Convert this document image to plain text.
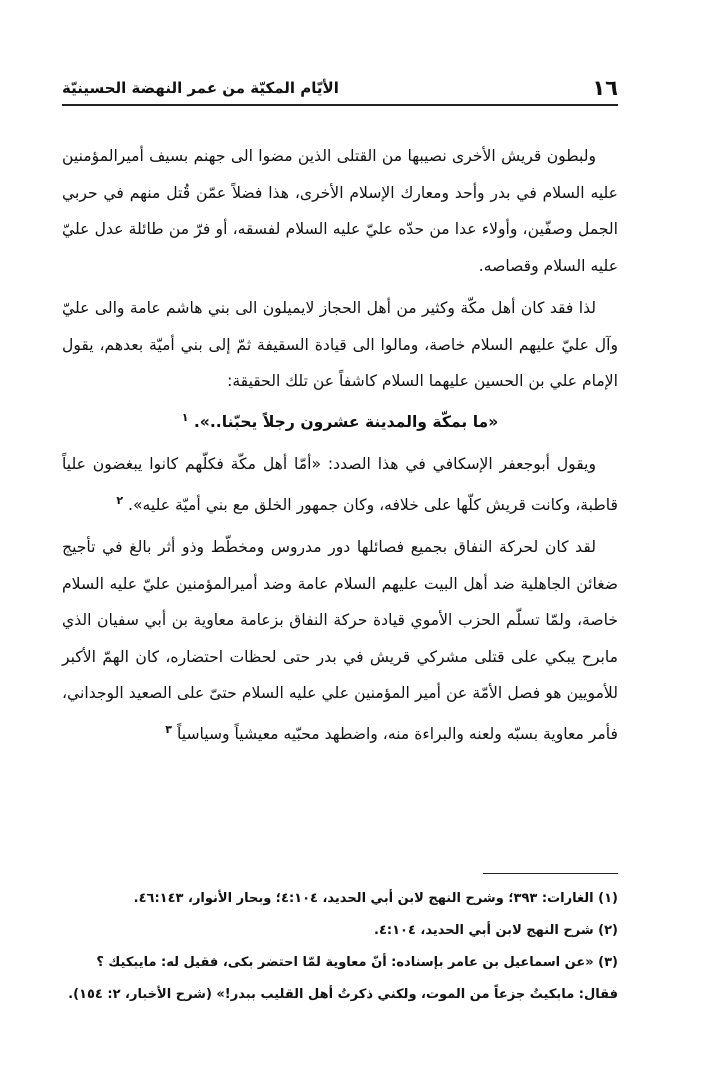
١٦
الأيّام المكيّة من عمر النهضة الحسينيّة

ولبطون قريش الأخرى نصيبها من القتلى الذين مضوا الى جهنم بسيف أميرالمؤمنين عليه السلام في بدر وأحد ومعارك الإسلام الأخرى، هذا فضلاً عمّن قُتل منهم في حربي الجمل وصفّين، وأولاء عدا من حدّه عليّ عليه السلام لفسقه، أو فرّ من طائلة عدل عليّ عليه السلام وقصاصه.

لذا فقد كان أهل مكّة وكثير من أهل الحجاز لايميلون الى بني هاشم عامة والى عليّ وآل عليّ عليهم السلام خاصة، ومالوا الى قيادة السقيفة ثمّ إلى بني أميّة بعدهم، يقول الإمام علي بن الحسين عليهما السلام كاشفاً عن تلك الحقيقة:

«ما بمكّة والمدينة عشرون رجلاً يحبّنا..». $^١$

ويقول أبوجعفر الإسكافي في هذا الصدد: «أمّا أهل مكّة فكلّهم كانوا يبغضون علياً قاطبة، وكانت قريش كلّها على خلافه، وكان جمهور الخلق مع بني أميّة عليه». $^٢$

لقد كان لحركة النفاق بجميع فصائلها دور مدروس ومخطّط وذو أثر بالغ في تأجيج ضغائن الجاهلية ضد أهل البيت عليهم السلام عامة وضد أميرالمؤمنين عليّ عليه السلام خاصة، ولمّا تسلّم الحزب الأموي قيادة حركة النفاق بزعامة معاوية بن أبي سفيان الذي مابرح يبكي على قتلى مشركي قريش في بدر حتى لحظات احتضاره، كان الهمّ الأكبر للأمويين هو فصل الأمّة عن أمير المؤمنين علي عليه السلام حتىّ على الصعيد الوجداني، فأمر معاوية بسبّه ولعنه والبراءة منه، واضطهد محبّيه معيشياً وسياسياً $^٣$

(١) الغارات: ٣٩٣؛ وشرح النهج لابن أبي الحديد، ٤:١٠٤؛ وبحار الأنوار، ٤٦:١٤٣.

(٢) شرح النهج لابن أبي الحديد، ٤:١٠٤.

(٣) «عن اسماعيل بن عامر بإسناده: أنّ معاوية لمّا احتضر بكى، فقيل له: مايبكيك ؟ فقال: مابكيتُ جزعاً من الموت، ولكني ذكرتُ أهل القليب ببدر!» (شرح الأخبار، ٢: ١٥٤).
